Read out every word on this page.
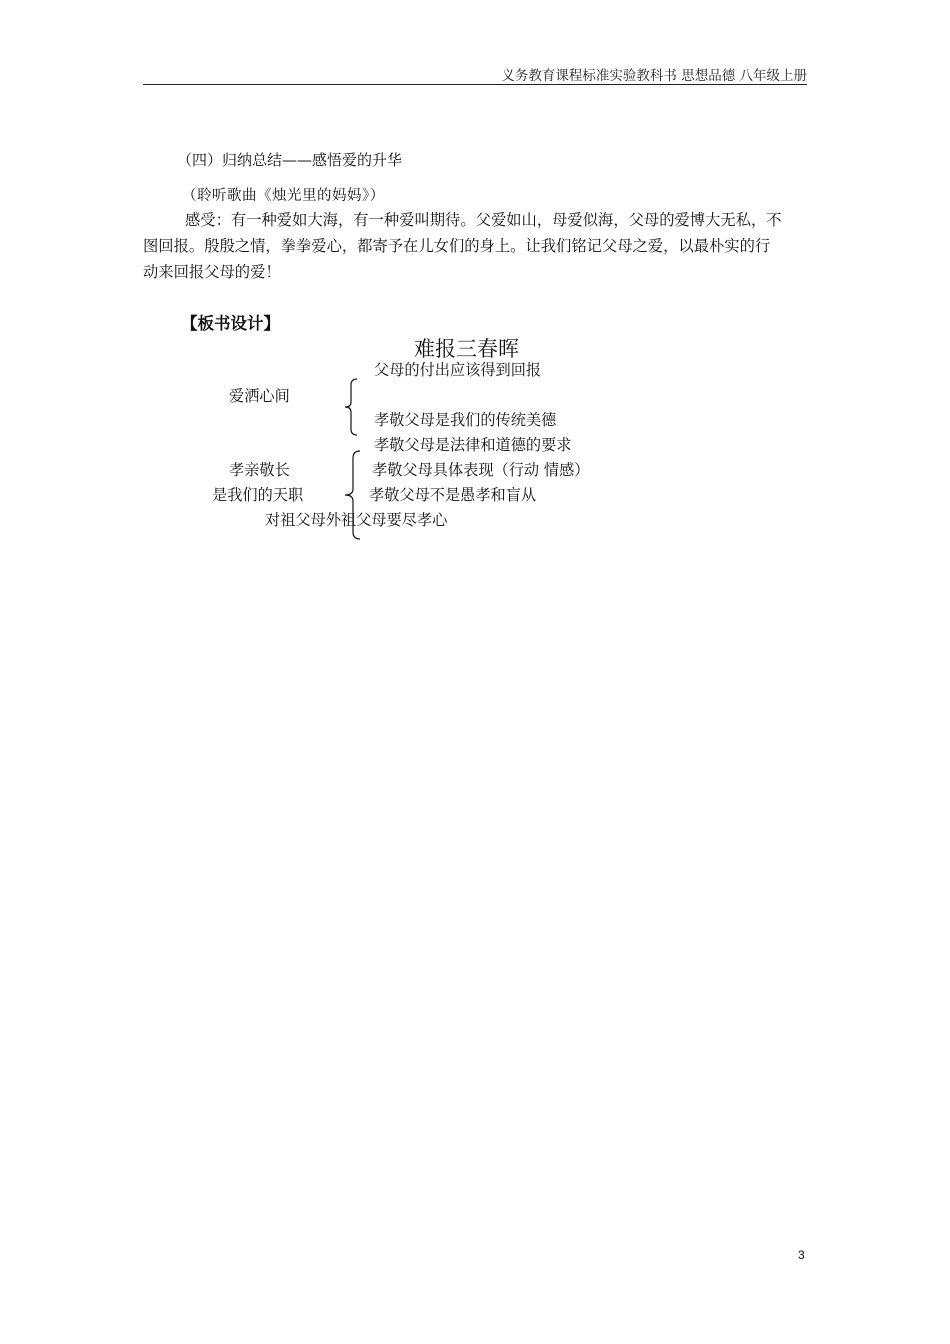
义务教育课程标准实验教科书 思想品德 八年级上册
（四）归纳总结——感悟爱的升华
（聆听歌曲《烛光里的妈妈》）
感受：有一种爱如大海，有一种爱叫期待。父爱如山，母爱似海，父母的爱博大无私，不
图回报。殷殷之情，拳拳爱心，都寄予在儿女们的身上。让我们铭记父母之爱，以最朴实的行
动来回报父母的爱！
【板书设计】
难报三春晖
爱洒心间
父母的付出应该得到回报
孝敬父母是我们的传统美德
孝亲敬长
是我们的天职
孝敬父母是法律和道德的要求
孝敬父母具体表现（行动 情感）
孝敬父母不是愚孝和盲从
对祖父母外祖父母要尽孝心
3
